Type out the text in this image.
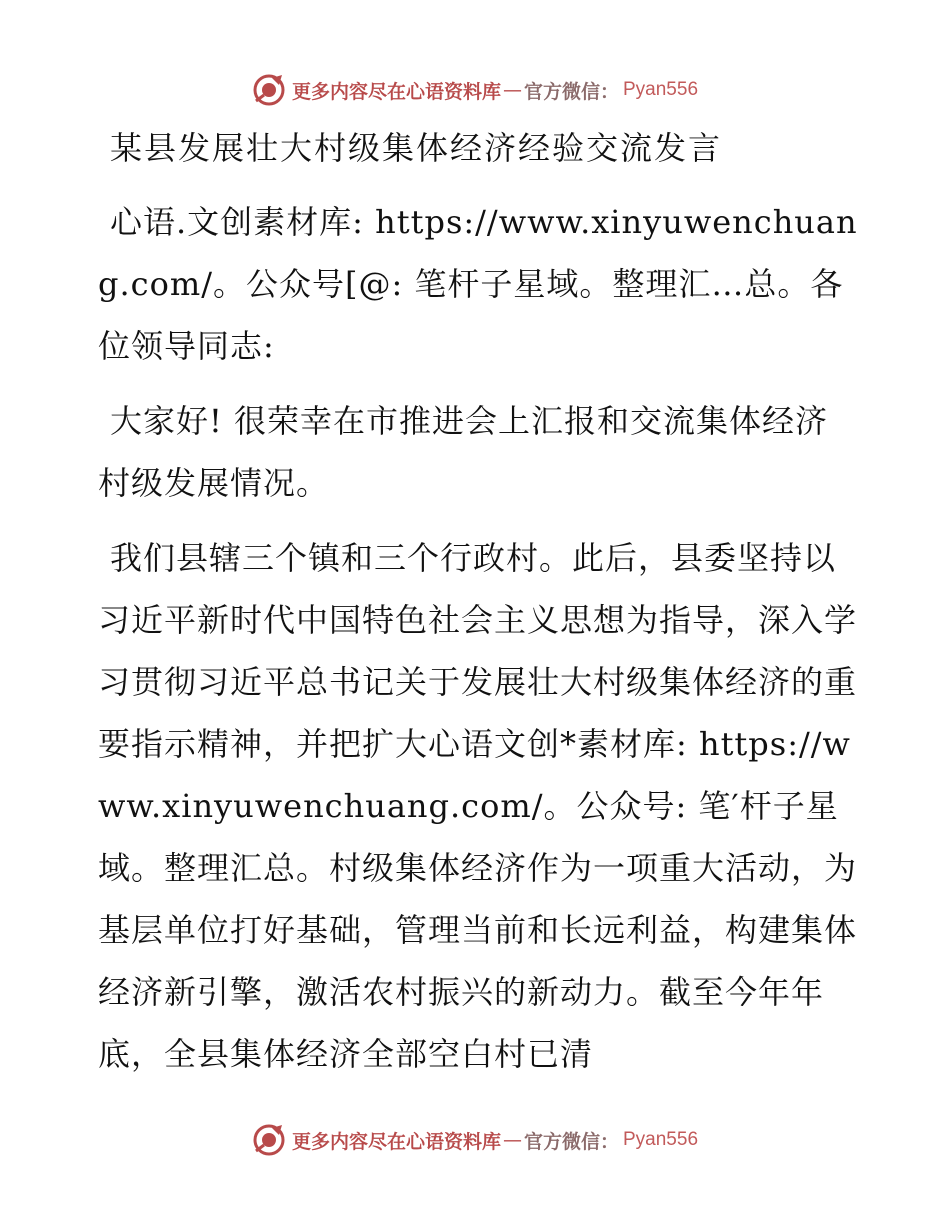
更多内容尽在心语资料库 — 官方微信： Pyan556

某县发展壮大村级集体经济经验交流发言

心语.文创素材库: https://www.xinyuwenchuang.com/。公众号[@: 笔杆子星域。整理汇…总。各位领导同志:

大家好! 很荣幸在市推进会上汇报和交流集体经济村级发展情况。

我们县辖三个镇和三个行政村。此后，县委坚持以习近平新时代中国特色社会主义思想为指导，深入学习贯彻习近平总书记关于发展壮大村级集体经济的重要指示精神，并把扩大心语文创*素材库: https://www.xinyuwenchuang.com/。公众号: 笔′杆子星域。整理汇总。村级集体经济作为一项重大活动，为基层单位打好基础，管理当前和长远利益，构建集体经济新引擎，激活农村振兴的新动力。截至今年年底，全县集体经济全部空白村已清

更多内容尽在心语资料库 — 官方微信： Pyan556
